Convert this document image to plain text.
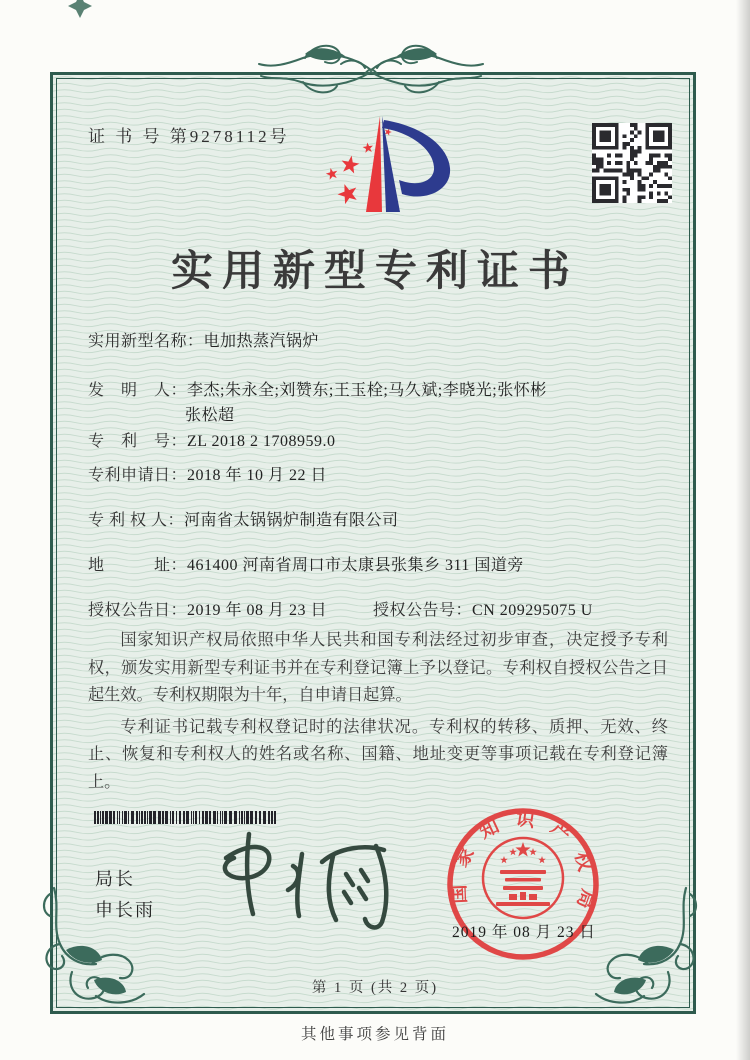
证 书 号 第9278112号
实用新型专利证书
实用新型名称：电加热蒸汽锅炉
发　明　人：李杰;朱永全;刘赞东;王玉栓;马久斌;李晓光;张怀彬
张松超
专　利　号：ZL 2018 2 1708959.0
专利申请日：2018 年 10 月 22 日
专 利 权 人：河南省太锅锅炉制造有限公司
地　　　址：461400 河南省周口市太康县张集乡 311 国道旁
授权公告日：2019 年 08 月 23 日	授权公告号：CN 209295075 U

国家知识产权局依照中华人民共和国专利法经过初步审查，决定授予专利权，颁发实用新型专利证书并在专利登记簿上予以登记。专利权自授权公告之日起生效。专利权期限为十年，自申请日起算。

专利证书记载专利权登记时的法律状况。专利权的转移、质押、无效、终止、恢复和专利权人的姓名或名称、国籍、地址变更等事项记载在专利登记簿上。

局长
申长雨
国家知识产权局
2019 年 08 月 23 日
第 1 页 (共 2 页)
其他事项参见背面
